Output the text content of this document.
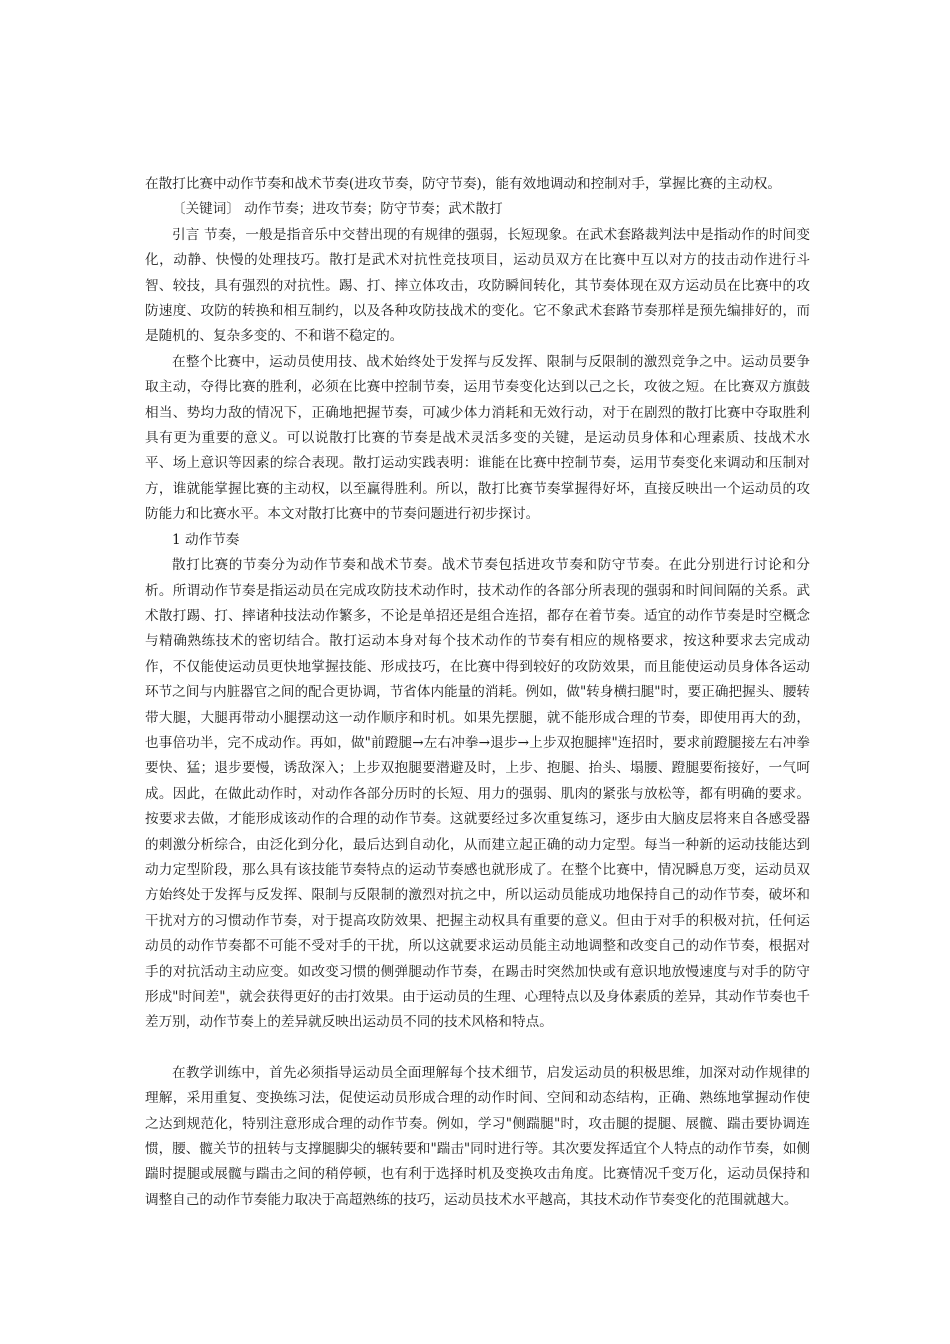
在散打比赛中动作节奏和战术节奏(进攻节奏，防守节奏)，能有效地调动和控制对手，掌握比赛的主动权。

〔关键词〕 动作节奏；进攻节奏；防守节奏；武术散打

引言 节奏，一般是指音乐中交替出现的有规律的强弱，长短现象。在武术套路裁判法中是指动作的时间变化，动静、快慢的处理技巧。散打是武术对抗性竞技项目，运动员双方在比赛中互以对方的技击动作进行斗智、较技，具有强烈的对抗性。踢、打、摔立体攻击，攻防瞬间转化，其节奏体现在双方运动员在比赛中的攻防速度、攻防的转换和相互制约，以及各种攻防技战术的变化。它不象武术套路节奏那样是预先编排好的，而是随机的、复杂多变的、不和谐不稳定的。

在整个比赛中，运动员使用技、战术始终处于发挥与反发挥、限制与反限制的激烈竞争之中。运动员要争取主动，夺得比赛的胜利，必须在比赛中控制节奏，运用节奏变化达到以己之长，攻彼之短。在比赛双方旗鼓相当、势均力敌的情况下，正确地把握节奏，可减少体力消耗和无效行动，对于在剧烈的散打比赛中夺取胜利具有更为重要的意义。可以说散打比赛的节奏是战术灵活多变的关键，是运动员身体和心理素质、技战术水平、场上意识等因素的综合表现。散打运动实践表明：谁能在比赛中控制节奏，运用节奏变化来调动和压制对方，谁就能掌握比赛的主动权，以至赢得胜利。所以，散打比赛节奏掌握得好坏，直接反映出一个运动员的攻防能力和比赛水平。本文对散打比赛中的节奏问题进行初步探讨。

1 动作节奏

散打比赛的节奏分为动作节奏和战术节奏。战术节奏包括进攻节奏和防守节奏。在此分别进行讨论和分析。所谓动作节奏是指运动员在完成攻防技术动作时，技术动作的各部分所表现的强弱和时间间隔的关系。武术散打踢、打、摔诸种技法动作繁多，不论是单招还是组合连招，都存在着节奏。适宜的动作节奏是时空概念与精确熟练技术的密切结合。散打运动本身对每个技术动作的节奏有相应的规格要求，按这种要求去完成动作，不仅能使运动员更快地掌握技能、形成技巧，在比赛中得到较好的攻防效果，而且能使运动员身体各运动环节之间与内脏器官之间的配合更协调，节省体内能量的消耗。例如，做"转身横扫腿"时，要正确把握头、腰转带大腿，大腿再带动小腿摆动这一动作顺序和时机。如果先摆腿，就不能形成合理的节奏，即使用再大的劲，也事倍功半，完不成动作。再如，做"前蹬腿→左右冲拳→退步→上步双抱腿摔"连招时，要求前蹬腿接左右冲拳要快、猛；退步要慢，诱敌深入；上步双抱腿要潜避及时，上步、抱腿、抬头、塌腰、蹬腿要衔接好，一气呵成。因此，在做此动作时，对动作各部分历时的长短、用力的强弱、肌肉的紧张与放松等，都有明确的要求。按要求去做，才能形成该动作的合理的动作节奏。这就要经过多次重复练习，逐步由大脑皮层将来自各感受器的刺激分析综合，由泛化到分化，最后达到自动化，从而建立起正确的动力定型。每当一种新的运动技能达到动力定型阶段，那么具有该技能节奏特点的运动节奏感也就形成了。在整个比赛中，情况瞬息万变，运动员双方始终处于发挥与反发挥、限制与反限制的激烈对抗之中，所以运动员能成功地保持自己的动作节奏，破坏和干扰对方的习惯动作节奏，对于提高攻防效果、把握主动权具有重要的意义。但由于对手的积极对抗，任何运动员的动作节奏都不可能不受对手的干扰，所以这就要求运动员能主动地调整和改变自己的动作节奏，根据对手的对抗活动主动应变。如改变习惯的侧弹腿动作节奏，在踢击时突然加快或有意识地放慢速度与对手的防守形成"时间差"，就会获得更好的击打效果。由于运动员的生理、心理特点以及身体素质的差异，其动作节奏也千差万别，动作节奏上的差异就反映出运动员不同的技术风格和特点。

在教学训练中，首先必须指导运动员全面理解每个技术细节，启发运动员的积极思维，加深对动作规律的理解，采用重复、变换练习法，促使运动员形成合理的动作时间、空间和动态结构，正确、熟练地掌握动作使之达到规范化，特别注意形成合理的动作节奏。例如，学习"侧踹腿"时，攻击腿的提腿、展髋、踹击要协调连惯，腰、髋关节的扭转与支撑腿脚尖的辗转要和"踹击"同时进行等。其次要发挥适宜个人特点的动作节奏，如侧踹时提腿或展髋与踹击之间的稍停顿，也有利于选择时机及变换攻击角度。比赛情况千变万化，运动员保持和调整自己的动作节奏能力取决于高超熟练的技巧，运动员技术水平越高，其技术动作节奏变化的范围就越大。
